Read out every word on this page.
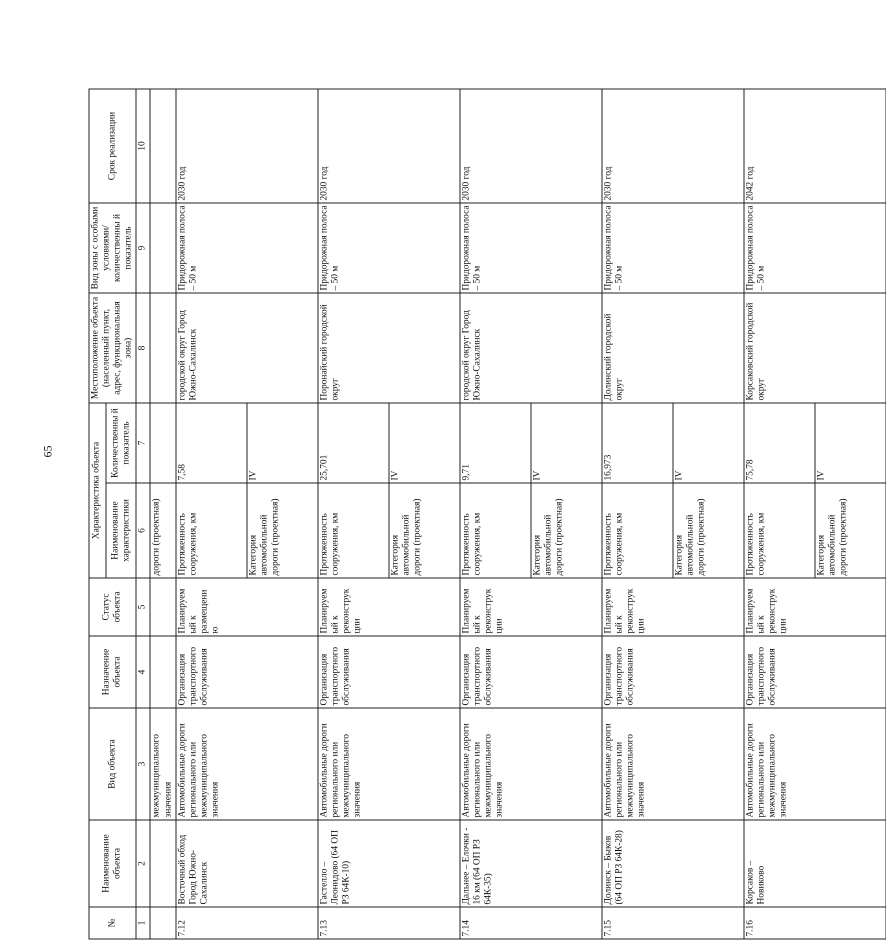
65
№	Наименование объекта	Вид объекта	Назначение объекта	Статус объекта	Характеристика объекта		Местоположение объекта (населенный пункт, адрес, функциональная зона)	Вид зоны с особыми условиями/ количественны й показатель	Срок реализации
					Наименование характеристики	Количественны й показатель			
1	2	3	4	5	6	7	8	9	10
		межмуниципального значения			дороги (проектная)				
7.12	Восточный обход Город Южно-Сахалинск	Автомобильные дороги регионального или межмуниципального значения	Организация транспортного обслуживания	Планируем ый к размещени ю	Протяженность сооружения, км	7,58	городской округ Город Южно-Сахалинск	Придорожная полоса – 50 м	2030 год
					Категория автомобильной дороги (проектная)	IV			
7.13	Гастелло – Леонидово (64 ОП РЗ 64К-10)	Автомобильные дороги регионального или межмуниципального значения	Организация транспортного обслуживания	Планируем ый к реконструк ции	Протяженность сооружения, км	25,701	Поронайский городской округ	Придорожная полоса – 50 м	2030 год
					Категория автомобильной дороги (проектная)	IV			
7.14	Дальнее – Елочки - 16 км (64 ОП РЗ 64К-35)	Автомобильные дороги регионального или межмуниципального значения	Организация транспортного обслуживания	Планируем ый к реконструк ции	Протяженность сооружения, км	9,71	городской округ Город Южно-Сахалинск	Придорожная полоса – 50 м	2030 год
					Категория автомобильной дороги (проектная)	IV			
7.15	Долинск – Быков (64 ОП РЗ 64К-28)	Автомобильные дороги регионального или межмуниципального значения	Организация транспортного обслуживания	Планируем ый к реконструк ции	Протяженность сооружения, км	16,973	Долинский городской округ	Придорожная полоса – 50 м	2030 год
					Категория автомобильной дороги (проектная)	IV			
7.16	Корсаков – Новиково	Автомобильные дороги регионального или межмуниципального значения	Организация транспортного обслуживания	Планируем ый к реконструк ции	Протяженность сооружения, км	75,78	Корсаковский городской округ	Придорожная полоса – 50 м	2042 год
					Категория автомобильной дороги (проектная)	IV			
